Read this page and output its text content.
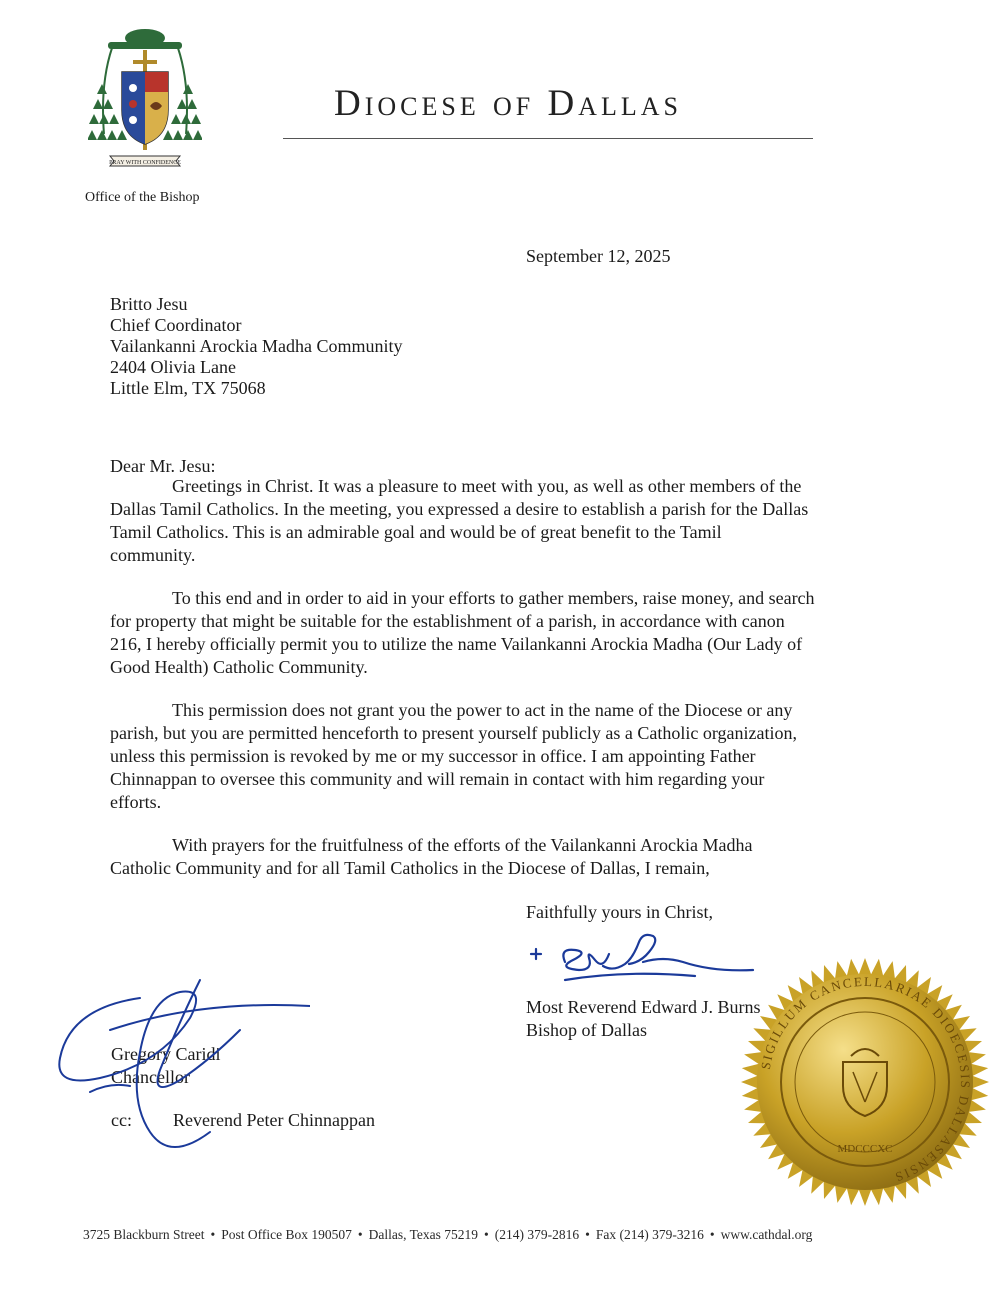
PRAY WITH CONFIDENCE
Office of the Bishop
Diocese of Dallas
September 12, 2025
Britto Jesu
Chief Coordinator
Vailankanni Arockia Madha Community
2404 Olivia Lane
Little Elm, TX 75068
Dear Mr. Jesu:

Greetings in Christ. It was a pleasure to meet with you, as well as other members of the
Dallas Tamil Catholics. In the meeting, you expressed a desire to establish a parish for the Dallas
Tamil Catholics. This is an admirable goal and would be of great benefit to the Tamil
community.

To this end and in order to aid in your efforts to gather members, raise money, and search
for property that might be suitable for the establishment of a parish, in accordance with canon
216, I hereby officially permit you to utilize the name Vailankanni Arockia Madha (Our Lady of
Good Health) Catholic Community.

This permission does not grant you the power to act in the name of the Diocese or any
parish, but you are permitted henceforth to present yourself publicly as a Catholic organization,
unless this permission is revoked by me or my successor in office. I am appointing Father
Chinnappan to oversee this community and will remain in contact with him regarding your
efforts.

With prayers for the fruitfulness of the efforts of the Vailankanni Arockia Madha
Catholic Community and for all Tamil Catholics in the Diocese of Dallas, I remain,

Faithfully yours in Christ,
Most Reverend Edward J. Burns
Bishop of Dallas
Gregory Caridi
Chancellor
cc: Reverend Peter Chinnappan
SIGILLUM CANCELLARIAE DIOECESIS DALLASENSIS
MDCCCXC
3725 Blackburn Street • Post Office Box 190507 • Dallas, Texas 75219 • (214) 379-2816 • Fax (214) 379-3216 • www.cathdal.org
